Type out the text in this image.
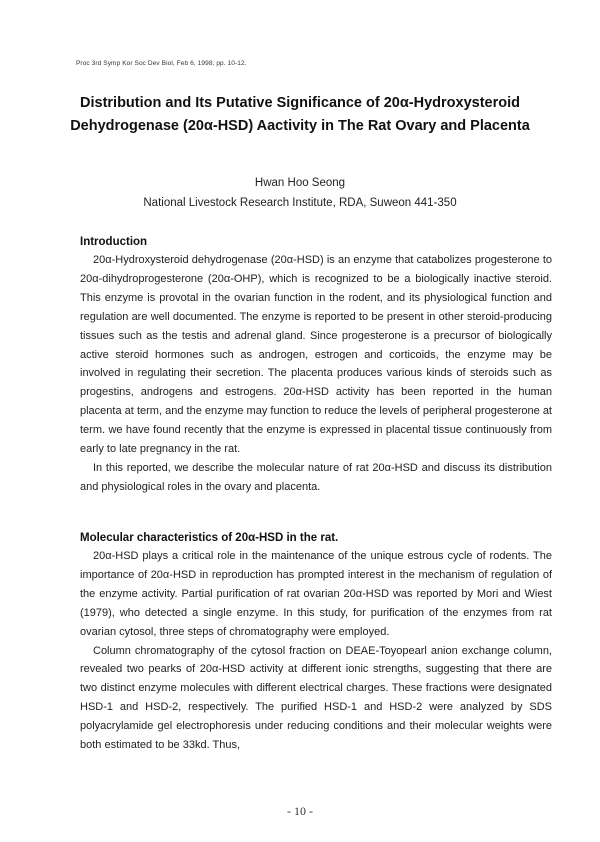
Proc 3rd Symp Kor Soc Dev Biol, Feb 6, 1998, pp. 10-12.
Distribution and Its Putative Significance of 20α-Hydroxysteroid Dehydrogenase (20α-HSD) Aactivity in The Rat Ovary and Placenta
Hwan Hoo Seong
National Livestock Research Institute, RDA, Suweon 441-350
Introduction

20α-Hydroxysteroid dehydrogenase (20α-HSD) is an enzyme that catabolizes progesterone to 20α-dihydroprogesterone (20α-OHP), which is recognized to be a biologically inactive steroid. This enzyme is provotal in the ovarian function in the rodent, and its physiological function and regulation are well documented. The enzyme is reported to be present in other steroid-producing tissues such as the testis and adrenal gland. Since progesterone is a precursor of biologically active steroid hormones such as androgen, estrogen and corticoids, the enzyme may be involved in regulating their secretion. The placenta produces various kinds of steroids such as progestins, androgens and estrogens. 20α-HSD activity has been reported in the human placenta at term, and the enzyme may function to reduce the levels of peripheral progesterone at term. we have found recently that the enzyme is expressed in placental tissue continuously from early to late pregnancy in the rat.

In this reported, we describe the molecular nature of rat 20α-HSD and discuss its distribution and physiological roles in the ovary and placenta.

Molecular characteristics of 20α-HSD in the rat.

20α-HSD plays a critical role in the maintenance of the unique estrous cycle of rodents. The importance of 20α-HSD in reproduction has prompted interest in the mechanism of regulation of the enzyme activity. Partial purification of rat ovarian 20α-HSD was reported by Mori and Wiest (1979), who detected a single enzyme. In this study, for purification of the enzymes from rat ovarian cytosol, three steps of chromatography were employed.

Column chromatography of the cytosol fraction on DEAE-Toyopearl anion exchange column, revealed two pearks of 20α-HSD activity at different ionic strengths, suggesting that there are two distinct enzyme molecules with different electrical charges. These fractions were designated HSD-1 and HSD-2, respectively. The purified HSD-1 and HSD-2 were analyzed by SDS polyacrylamide gel electrophoresis under reducing conditions and their molecular weights were both estimated to be 33kd. Thus,

- 10 -
